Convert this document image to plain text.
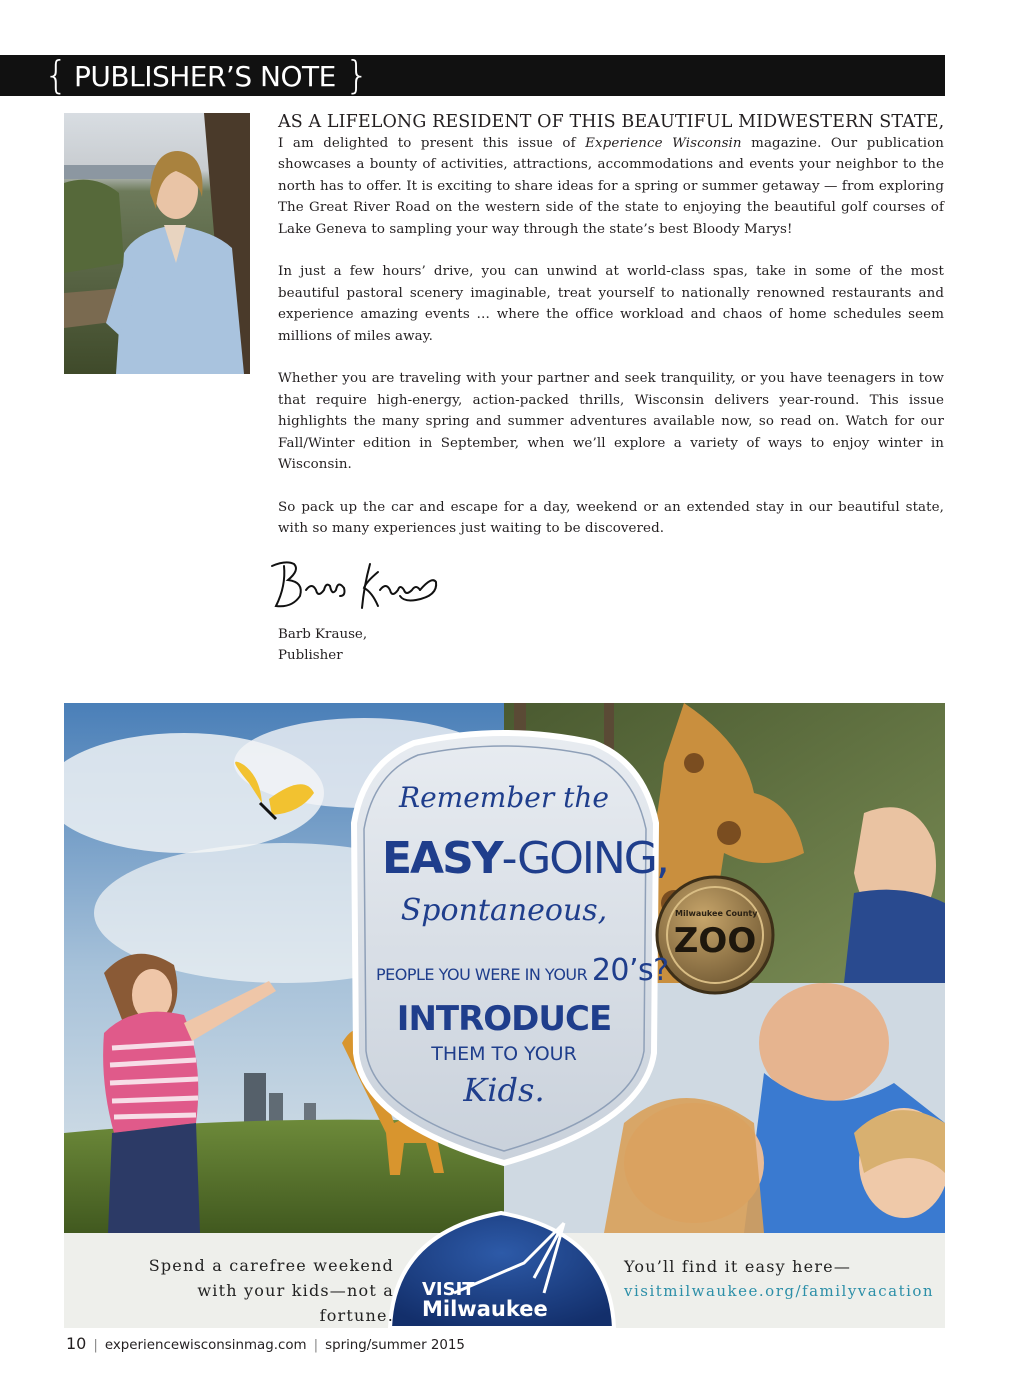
{	}
PUBLISHER’S NOTE
AS A LIFELONG RESIDENT OF THIS BEAUTIFUL MIDWESTERN STATE,

I am delighted to present this issue of Experience Wisconsin magazine. Our publication showcases a bounty of activities, attractions, accommodations and events your neighbor to the north has to offer. It is exciting to share ideas for a spring or summer getaway — from exploring The Great River Road on the western side of the state to enjoying the beautiful golf courses of Lake Geneva to sampling your way through the state’s best Bloody Marys!

In just a few hours’ drive, you can unwind at world-class spas, take in some of the most beautiful pastoral scenery imaginable, treat yourself to nationally renowned restaurants and experience amazing events … where the office workload and chaos of home schedules seem millions of miles away.

Whether you are traveling with your partner and seek tranquility, or you have teenagers in tow that require high-energy, action-packed thrills, Wisconsin delivers year-round. This issue highlights the many spring and summer adventures available now, so read on. Watch for our Fall/Winter edition in September, when we’ll explore a variety of ways to enjoy winter in Wisconsin.

So pack up the car and escape for a day, weekend or an extended stay in our beautiful state, with so many experiences just waiting to be discovered.

Barb Krause,
Publisher
Remember the
EASY-GOING,
Spontaneous,
PEOPLE YOU WERE IN YOUR 20’s?
INTRODUCE
THEM TO YOUR
Kids.
Milwaukee County
ZOO
Spend a carefree weekend
with your kids—not a fortune.
You’ll find it easy here—
visitmilwaukee.org/familyvacation
VISIT
Milwaukee
10 | experiencewisconsinmag.com | spring/summer 2015
